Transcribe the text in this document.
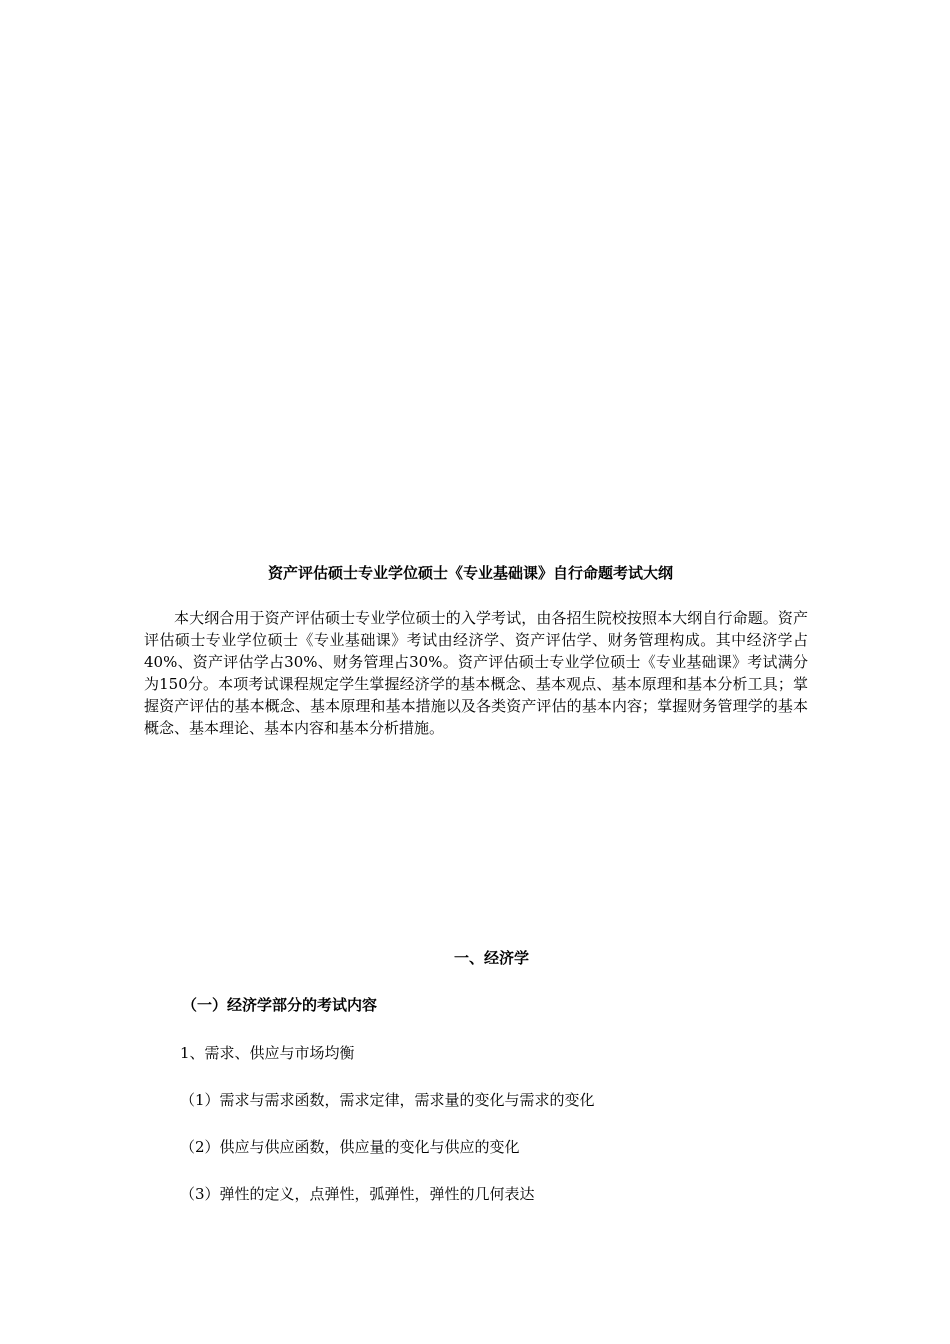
资产评估硕士专业学位硕士《专业基础课》自行命题考试大纲

本大纲合用于资产评估硕士专业学位硕士的入学考试，由各招生院校按照本大纲自行命题。资产评估硕士专业学位硕士《专业基础课》考试由经济学、资产评估学、财务管理构成。其中经济学占40%、资产评估学占30%、财务管理占30%。资产评估硕士专业学位硕士《专业基础课》考试满分为150分。本项考试课程规定学生掌握经济学的基本概念、基本观点、基本原理和基本分析工具；掌握资产评估的基本概念、基本原理和基本措施以及各类资产评估的基本内容；掌握财务管理学的基本概念、基本理论、基本内容和基本分析措施。

一、经济学
（一）经济学部分的考试内容

1、需求、供应与市场均衡

（1）需求与需求函数，需求定律，需求量的变化与需求的变化

（2）供应与供应函数，供应量的变化与供应的变化

（3）弹性的定义，点弹性，弧弹性，弹性的几何表达
